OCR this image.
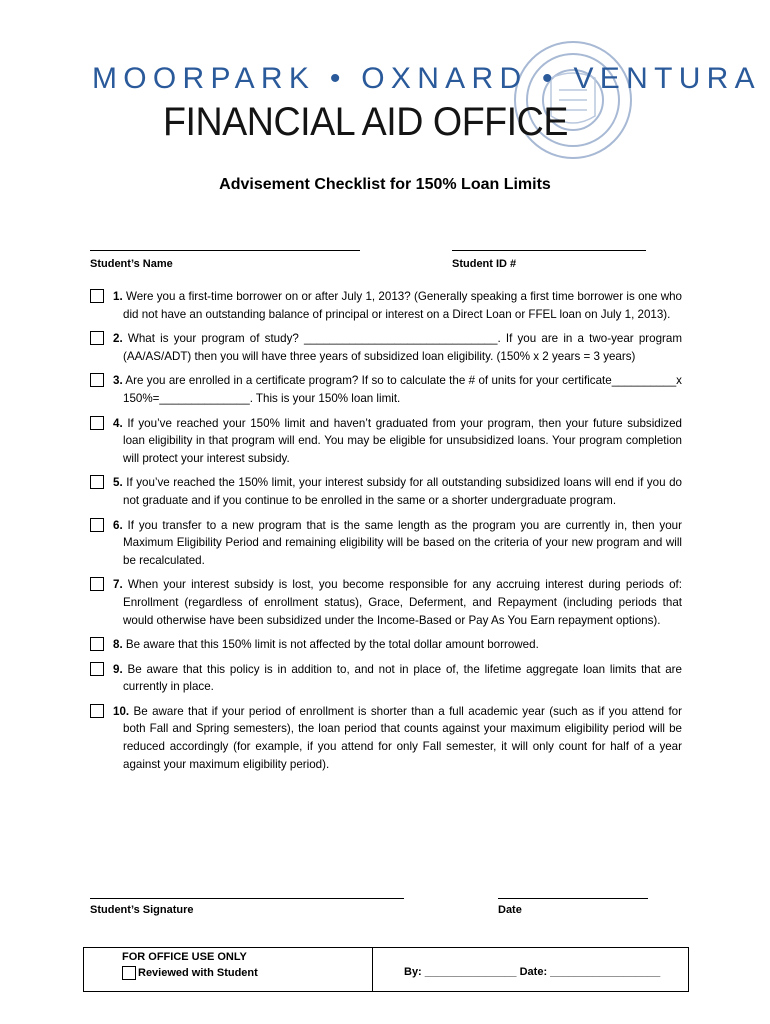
MOORPARK • OXNARD • VENTURA
FINANCIAL AID OFFICE
Advisement Checklist for 150% Loan Limits
Student’s Name	Student ID #
1. Were you a first-time borrower on or after July 1, 2013? (Generally speaking a first time borrower is one who did not have an outstanding balance of principal or interest on a Direct Loan or FFEL loan on July 1, 2013).
2. What is your program of study? ______________________________. If you are in a two-year program (AA/AS/ADT) then you will have three years of subsidized loan eligibility. (150% x 2 years = 3 years)
3. Are you are enrolled in a certificate program? If so to calculate the # of units for your certificate__________x 150%=______________. This is your 150% loan limit.
4. If you’ve reached your 150% limit and haven’t graduated from your program, then your future subsidized loan eligibility in that program will end. You may be eligible for unsubsidized loans. Your program completion will protect your interest subsidy.
5. If you’ve reached the 150% limit, your interest subsidy for all outstanding subsidized loans will end if you do not graduate and if you continue to be enrolled in the same or a shorter undergraduate program.
6. If you transfer to a new program that is the same length as the program you are currently in, then your Maximum Eligibility Period and remaining eligibility will be based on the criteria of your new program and will be recalculated.
7. When your interest subsidy is lost, you become responsible for any accruing interest during periods of: Enrollment (regardless of enrollment status), Grace, Deferment, and Repayment (including periods that would otherwise have been subsidized under the Income-Based or Pay As You Earn repayment options).
8. Be aware that this 150% limit is not affected by the total dollar amount borrowed.
9. Be aware that this policy is in addition to, and not in place of, the lifetime aggregate loan limits that are currently in place.
10. Be aware that if your period of enrollment is shorter than a full academic year (such as if you attend for both Fall and Spring semesters), the loan period that counts against your maximum eligibility period will be reduced accordingly (for example, if you attend for only Fall semester, it will only count for half of a year against your maximum eligibility period).
Student’s Signature	Date
FOR OFFICE USE ONLY
Reviewed with Student	By: _______________ Date: __________________
